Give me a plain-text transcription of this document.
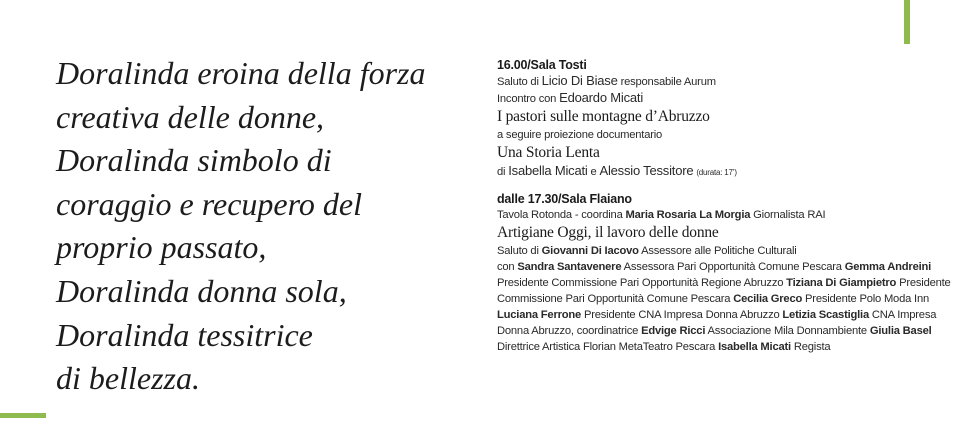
Doralinda eroina della forza
creativa delle donne,
Doralinda simbolo di
coraggio e recupero del
proprio passato,
Doralinda donna sola,
Doralinda tessitrice
di bellezza.
16.00/Sala Tosti
Saluto di Licio Di Biase responsabile Aurum
Incontro con Edoardo Micati
I pastori sulle montagne d’Abruzzo
a seguire proiezione documentario
Una Storia Lenta
di Isabella Micati e Alessio Tessitore (durata: 17’)
dalle 17.30/Sala Flaiano
Tavola Rotonda - coordina Maria Rosaria La Morgia Giornalista RAI
Artigiane Oggi, il lavoro delle donne
Saluto di Giovanni Di Iacovo Assessore alle Politiche Culturali
con Sandra Santavenere Assessora Pari Opportunità Comune Pescara Gemma Andreini
Presidente Commissione Pari Opportunità Regione Abruzzo Tiziana Di Giampietro Presidente
Commissione Pari Opportunità Comune Pescara Cecilia Greco Presidente Polo Moda Inn
Luciana Ferrone Presidente CNA Impresa Donna Abruzzo Letizia Scastiglia CNA Impresa
Donna Abruzzo, coordinatrice Edvige Ricci Associazione Mila Donnambiente Giulia Basel
Direttrice Artistica Florian MetaTeatro Pescara Isabella Micati Regista
